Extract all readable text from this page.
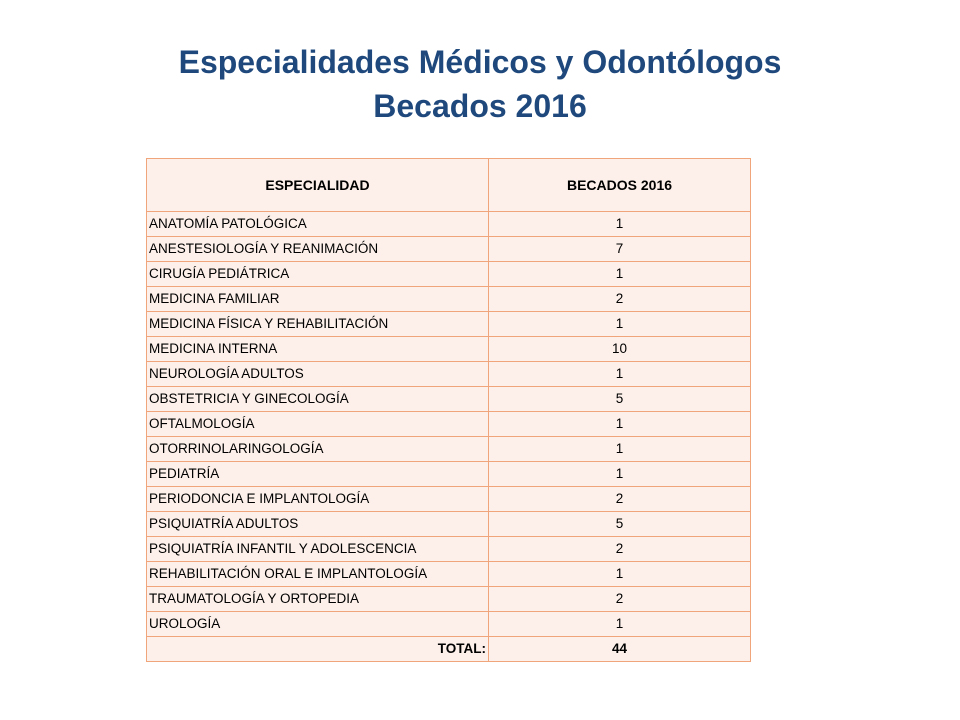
Especialidades Médicos y Odontólogos
Becados 2016
ESPECIALIDAD	BECADOS 2016
ANATOMÍA PATOLÓGICA	1
ANESTESIOLOGÍA Y REANIMACIÓN	7
CIRUGÍA PEDIÁTRICA	1
MEDICINA FAMILIAR	2
MEDICINA FÍSICA Y REHABILITACIÓN	1
MEDICINA INTERNA	10
NEUROLOGÍA ADULTOS	1
OBSTETRICIA Y GINECOLOGÍA	5
OFTALMOLOGÍA	1
OTORRINOLARINGOLOGÍA	1
PEDIATRÍA	1
PERIODONCIA E IMPLANTOLOGÍA	2
PSIQUIATRÍA ADULTOS	5
PSIQUIATRÍA INFANTIL Y ADOLESCENCIA	2
REHABILITACIÓN ORAL E IMPLANTOLOGÍA	1
TRAUMATOLOGÍA Y ORTOPEDIA	2
UROLOGÍA	1
TOTAL:	44
